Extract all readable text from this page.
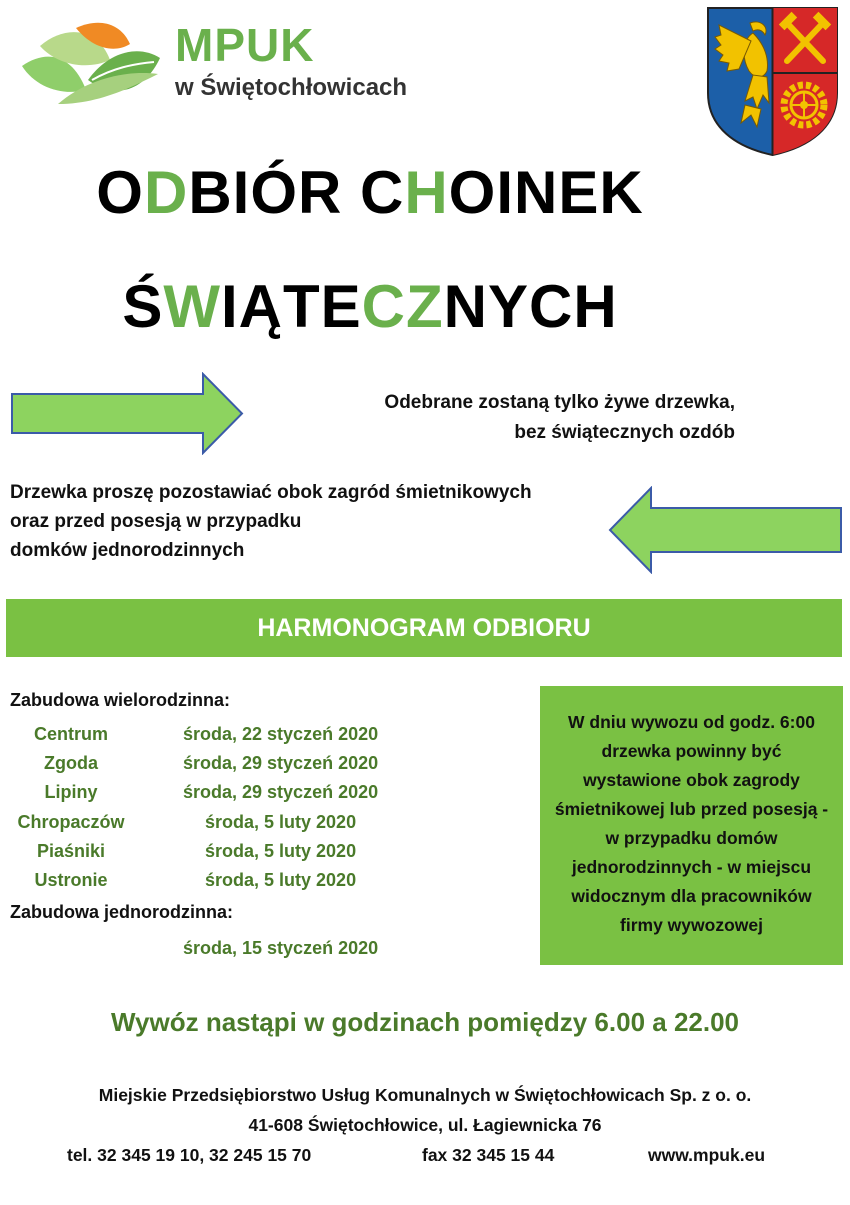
MPUK
w Świętochłowicach
ODBIÓR CHOINEK
ŚWIĄTECZNYCH
Odebrane zostaną tylko żywe drzewka,
bez świątecznych ozdób
Drzewka proszę pozostawiać obok zagród śmietnikowych
oraz przed posesją w przypadku
domków jednorodzinnych
HARMONOGRAM ODBIORU
Zabudowa wielorodzinna:
Centrum	środa, 22 styczeń 2020
Zgoda	środa, 29 styczeń 2020
Lipiny	środa, 29 styczeń 2020
Chropaczów	środa, 5 luty 2020
Piaśniki	środa, 5 luty 2020
Ustronie	środa, 5 luty 2020
Zabudowa jednorodzinna:
środa, 15 styczeń 2020
W dniu wywozu od godz. 6:00
drzewka powinny być
wystawione obok zagrody
śmietnikowej lub przed posesją -
w przypadku domów
jednorodzinnych - w miejscu
widocznym dla pracowników
firmy wywozowej
Wywóz nastąpi w godzinach pomiędzy 6.00 a 22.00
Miejskie Przedsiębiorstwo Usług Komunalnych w Świętochłowicach Sp. z o. o.
41-608 Świętochłowice, ul. Łagiewnicka 76
tel. 32 345 19 10, 32 245 15 70	fax 32 345 15 44	www.mpuk.eu
